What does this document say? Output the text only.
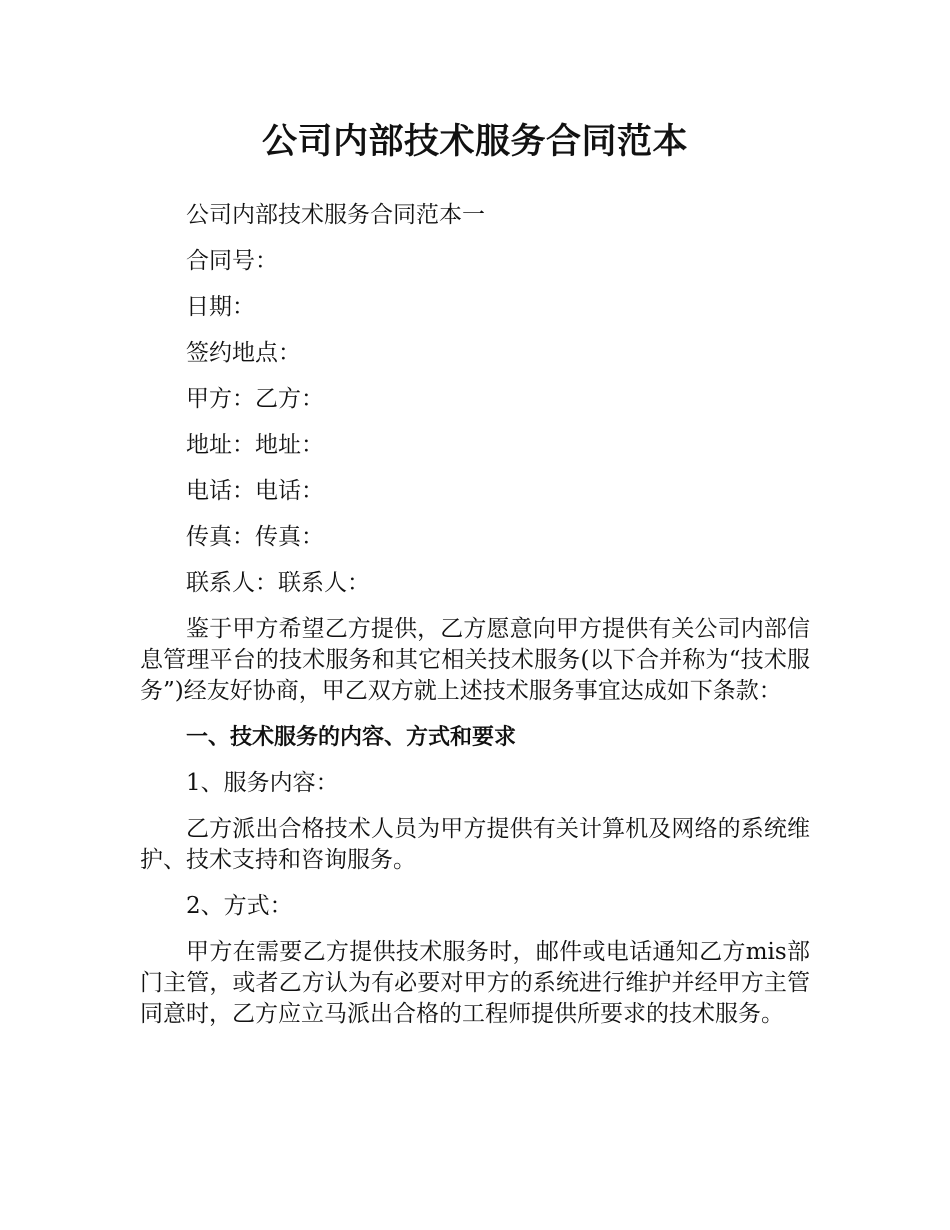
公司内部技术服务合同范本

公司内部技术服务合同范本一

合同号：

日期：

签约地点：

甲方：乙方：

地址：地址：

电话：电话：

传真：传真：

联系人：联系人：

鉴于甲方希望乙方提供，乙方愿意向甲方提供有关公司内部信息管理平台的技术服务和其它相关技术服务(以下合并称为“技术服务”)经友好协商，甲乙双方就上述技术服务事宜达成如下条款：

一、技术服务的内容、方式和要求

1、服务内容：

乙方派出合格技术人员为甲方提供有关计算机及网络的系统维护、技术支持和咨询服务。

2、方式：

甲方在需要乙方提供技术服务时，邮件或电话通知乙方mis部门主管，或者乙方认为有必要对甲方的系统进行维护并经甲方主管同意时，乙方应立马派出合格的工程师提供所要求的技术服务。
